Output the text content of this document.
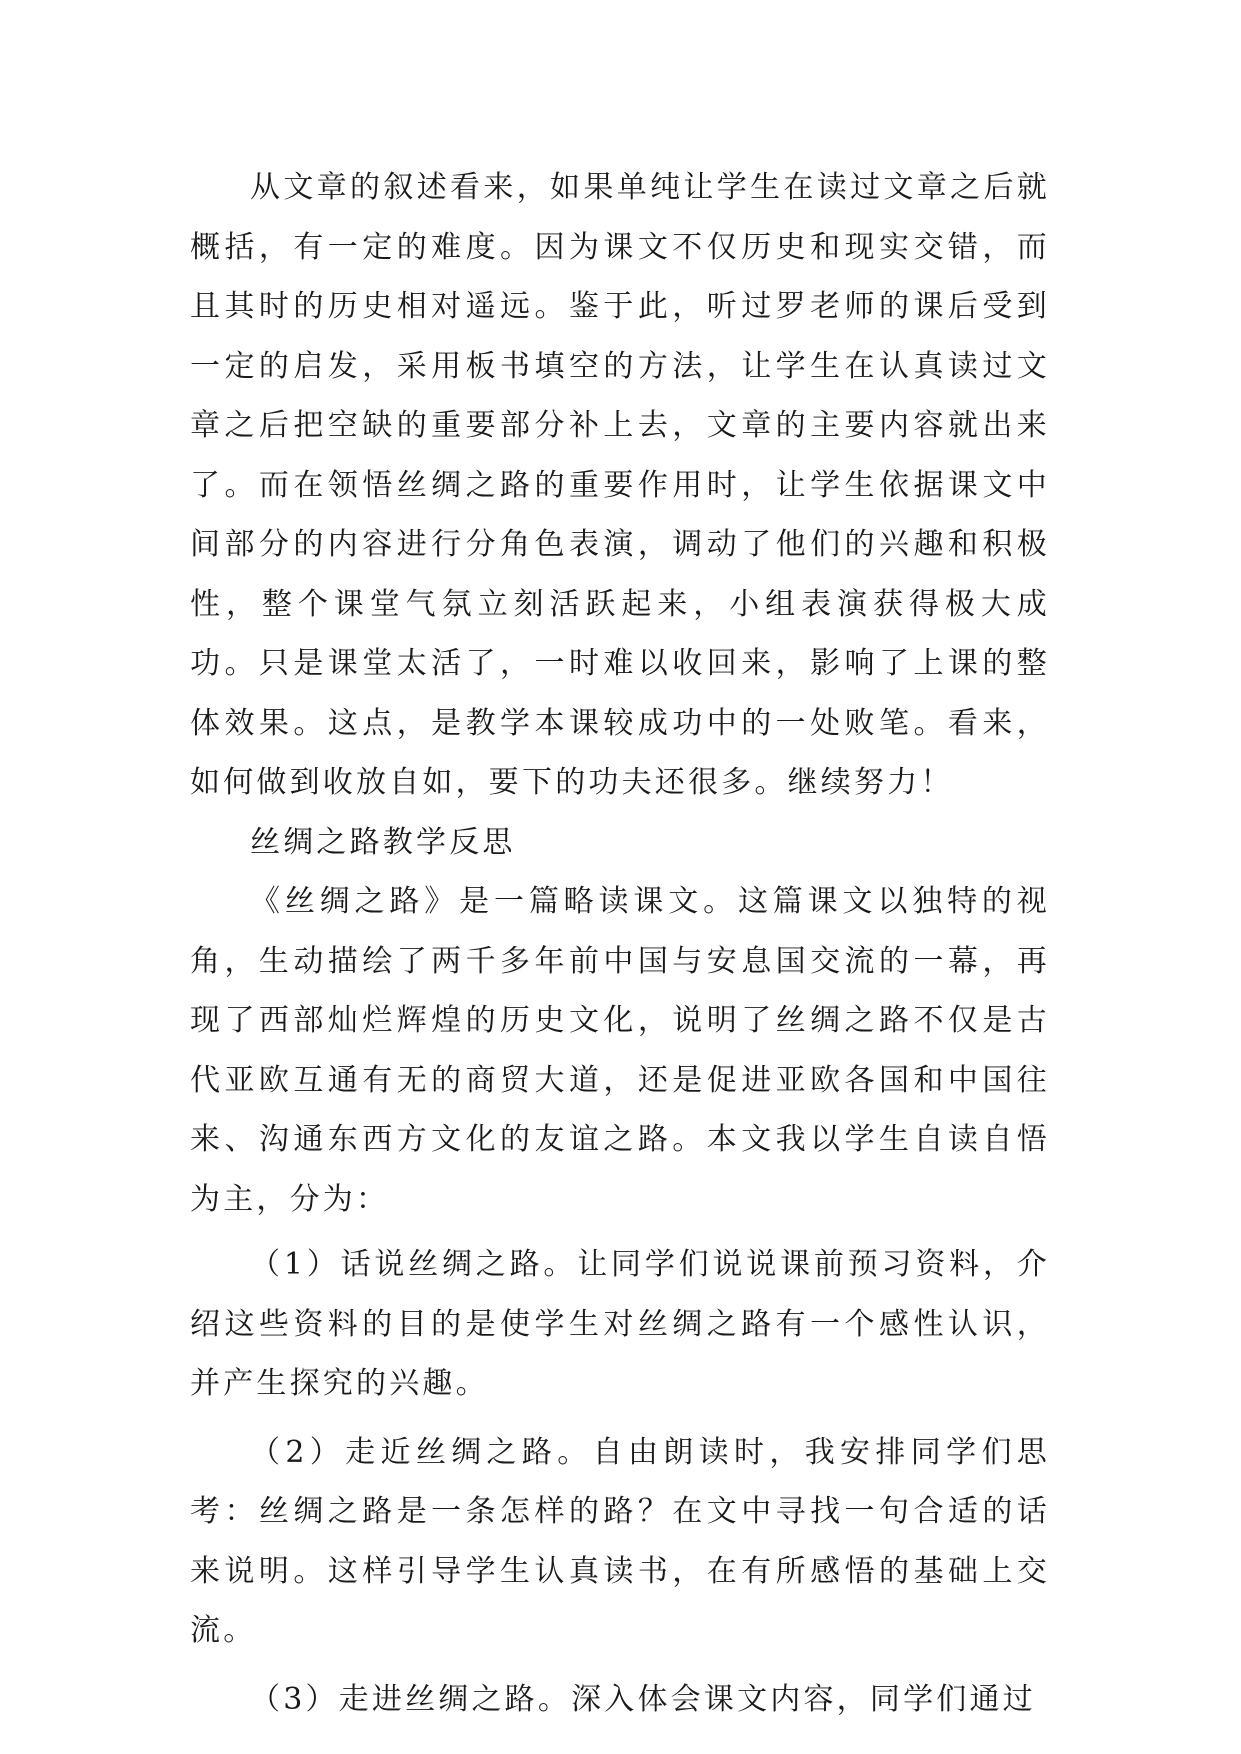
从文章的叙述看来，如果单纯让学生在读过文章之后就概括，有一定的难度。因为课文不仅历史和现实交错，而且其时的历史相对遥远。鉴于此，听过罗老师的课后受到一定的启发，采用板书填空的方法，让学生在认真读过文章之后把空缺的重要部分补上去，文章的主要内容就出来了。而在领悟丝绸之路的重要作用时，让学生依据课文中间部分的内容进行分角色表演，调动了他们的兴趣和积极性，整个课堂气氛立刻活跃起来，小组表演获得极大成功。只是课堂太活了，一时难以收回来，影响了上课的整体效果。这点，是教学本课较成功中的一处败笔。看来，如何做到收放自如，要下的功夫还很多。继续努力！

丝绸之路教学反思

《丝绸之路》是一篇略读课文。这篇课文以独特的视角，生动描绘了两千多年前中国与安息国交流的一幕，再现了西部灿烂辉煌的历史文化，说明了丝绸之路不仅是古代亚欧互通有无的商贸大道，还是促进亚欧各国和中国往来、沟通东西方文化的友谊之路。本文我以学生自读自悟为主，分为：

（1）话说丝绸之路。让同学们说说课前预习资料，介绍这些资料的目的是使学生对丝绸之路有一个感性认识，并产生探究的兴趣。

（2）走近丝绸之路。自由朗读时，我安排同学们思考：丝绸之路是一条怎样的路？在文中寻找一句合适的话来说明。这样引导学生认真读书，在有所感悟的基础上交流。

（3）走进丝绸之路。深入体会课文内容，同学们通过
